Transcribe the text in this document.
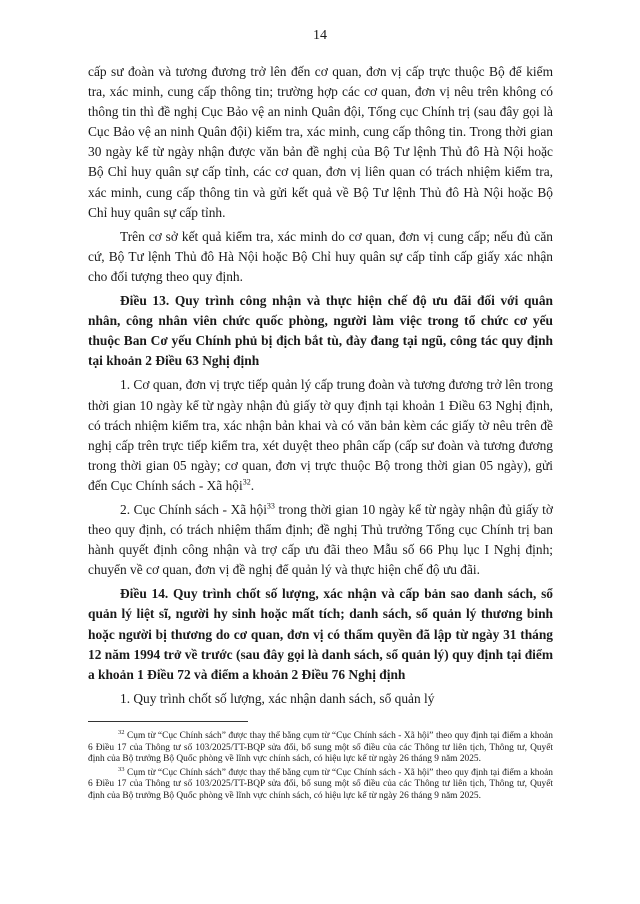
14

cấp sư đoàn và tương đương trở lên đến cơ quan, đơn vị cấp trực thuộc Bộ để kiểm tra, xác minh, cung cấp thông tin; trường hợp các cơ quan, đơn vị nêu trên không có thông tin thì đề nghị Cục Bảo vệ an ninh Quân đội, Tổng cục Chính trị (sau đây gọi là Cục Bảo vệ an ninh Quân đội) kiểm tra, xác minh, cung cấp thông tin. Trong thời gian 30 ngày kể từ ngày nhận được văn bản đề nghị của Bộ Tư lệnh Thủ đô Hà Nội hoặc Bộ Chỉ huy quân sự cấp tỉnh, các cơ quan, đơn vị liên quan có trách nhiệm kiểm tra, xác minh, cung cấp thông tin và gửi kết quả về Bộ Tư lệnh Thủ đô Hà Nội hoặc Bộ Chỉ huy quân sự cấp tỉnh.

Trên cơ sở kết quả kiểm tra, xác minh do cơ quan, đơn vị cung cấp; nếu đủ căn cứ, Bộ Tư lệnh Thủ đô Hà Nội hoặc Bộ Chỉ huy quân sự cấp tỉnh cấp giấy xác nhận cho đối tượng theo quy định.

Điều 13. Quy trình công nhận và thực hiện chế độ ưu đãi đối với quân nhân, công nhân viên chức quốc phòng, người làm việc trong tổ chức cơ yếu thuộc Ban Cơ yếu Chính phủ bị địch bắt tù, đày đang tại ngũ, công tác quy định tại khoản 2 Điều 63 Nghị định

1. Cơ quan, đơn vị trực tiếp quản lý cấp trung đoàn và tương đương trở lên trong thời gian 10 ngày kể từ ngày nhận đủ giấy tờ quy định tại khoản 1 Điều 63 Nghị định, có trách nhiệm kiểm tra, xác nhận bản khai và có văn bản kèm các giấy tờ nêu trên đề nghị cấp trên trực tiếp kiểm tra, xét duyệt theo phân cấp (cấp sư đoàn và tương đương trong thời gian 05 ngày; cơ quan, đơn vị trực thuộc Bộ trong thời gian 05 ngày), gửi đến Cục Chính sách - Xã hội$^{32}$.

2. Cục Chính sách - Xã hội$^{33}$ trong thời gian 10 ngày kể từ ngày nhận đủ giấy tờ theo quy định, có trách nhiệm thẩm định; đề nghị Thủ trưởng Tổng cục Chính trị ban hành quyết định công nhận và trợ cấp ưu đãi theo Mẫu số 66 Phụ lục I Nghị định; chuyển về cơ quan, đơn vị đề nghị để quản lý và thực hiện chế độ ưu đãi.

Điều 14. Quy trình chốt số lượng, xác nhận và cấp bản sao danh sách, sổ quản lý liệt sĩ, người hy sinh hoặc mất tích; danh sách, sổ quản lý thương binh hoặc người bị thương do cơ quan, đơn vị có thẩm quyền đã lập từ ngày 31 tháng 12 năm 1994 trở về trước (sau đây gọi là danh sách, sổ quản lý) quy định tại điểm a khoản 1 Điều 72 và điểm a khoản 2 Điều 76 Nghị định

1. Quy trình chốt số lượng, xác nhận danh sách, sổ quản lý

$^{32}$ Cụm từ “Cục Chính sách” được thay thế bằng cụm từ “Cục Chính sách - Xã hội” theo quy định tại điểm a khoản 6 Điều 17 của Thông tư số 103/2025/TT-BQP sửa đổi, bổ sung một số điều của các Thông tư liên tịch, Thông tư, Quyết định của Bộ trưởng Bộ Quốc phòng về lĩnh vực chính sách, có hiệu lực kể từ ngày 26 tháng 9 năm 2025.

$^{33}$ Cụm từ “Cục Chính sách” được thay thế bằng cụm từ “Cục Chính sách - Xã hội” theo quy định tại điểm a khoản 6 Điều 17 của Thông tư số 103/2025/TT-BQP sửa đổi, bổ sung một số điều của các Thông tư liên tịch, Thông tư, Quyết định của Bộ trưởng Bộ Quốc phòng về lĩnh vực chính sách, có hiệu lực kể từ ngày 26 tháng 9 năm 2025.
